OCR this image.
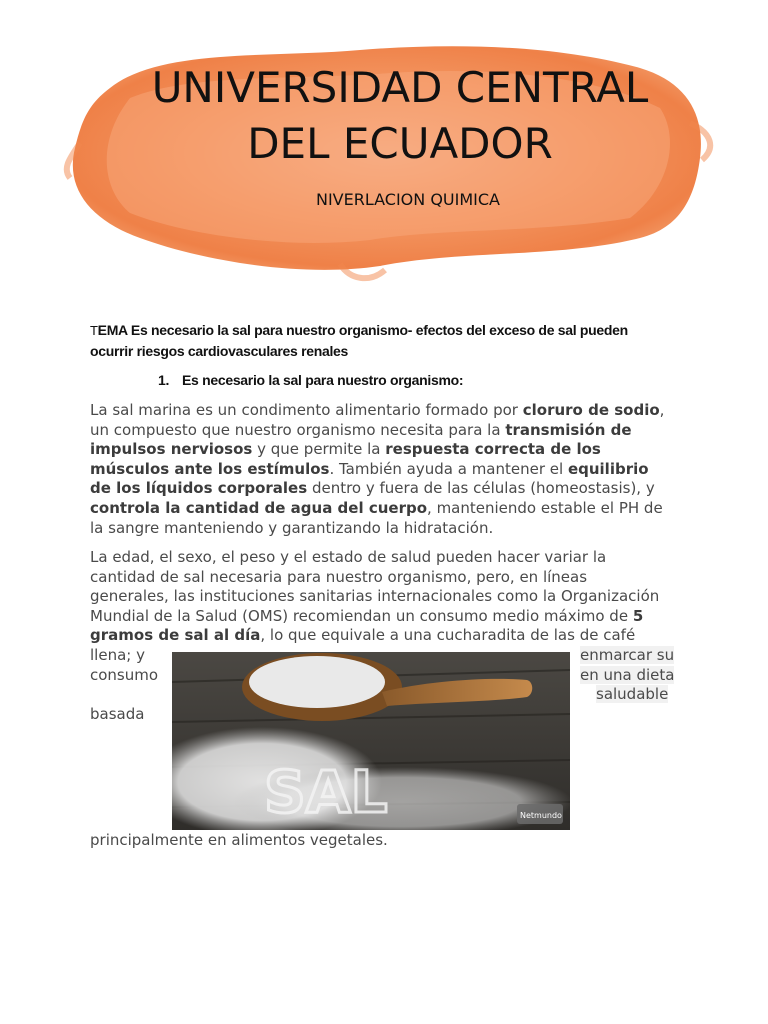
UNIVERSIDAD CENTRAL
DEL ECUADOR

NIVERLACION QUIMICA

TEMA Es necesario la sal para nuestro organismo- efectos del exceso de sal pueden ocurrir riesgos cardiovasculares renales
1. Es necesario la sal para nuestro organismo:

La sal marina es un condimento alimentario formado por cloruro de sodio, un compuesto que nuestro organismo necesita para la transmisión de impulsos nerviosos y que permite la respuesta correcta de los músculos ante los estímulos. También ayuda a mantener el equilibrio de los líquidos corporales dentro y fuera de las células (homeostasis), y controla la cantidad de agua del cuerpo, manteniendo estable el PH de la sangre manteniendo y garantizando la hidratación.

La edad, el sexo, el peso y el estado de salud pueden hacer variar la cantidad de sal necesaria para nuestro organismo, pero, en líneas generales, las instituciones sanitarias internacionales como la Organización Mundial de la Salud (OMS) recomiendan un consumo medio máximo de 5 gramos de sal al día, lo que equivale a una cucharadita de las de café llena; y

consumo
basada
enmarcar su
en una dieta
saludable
SAL	Netmundo
principalmente en alimentos vegetales.
